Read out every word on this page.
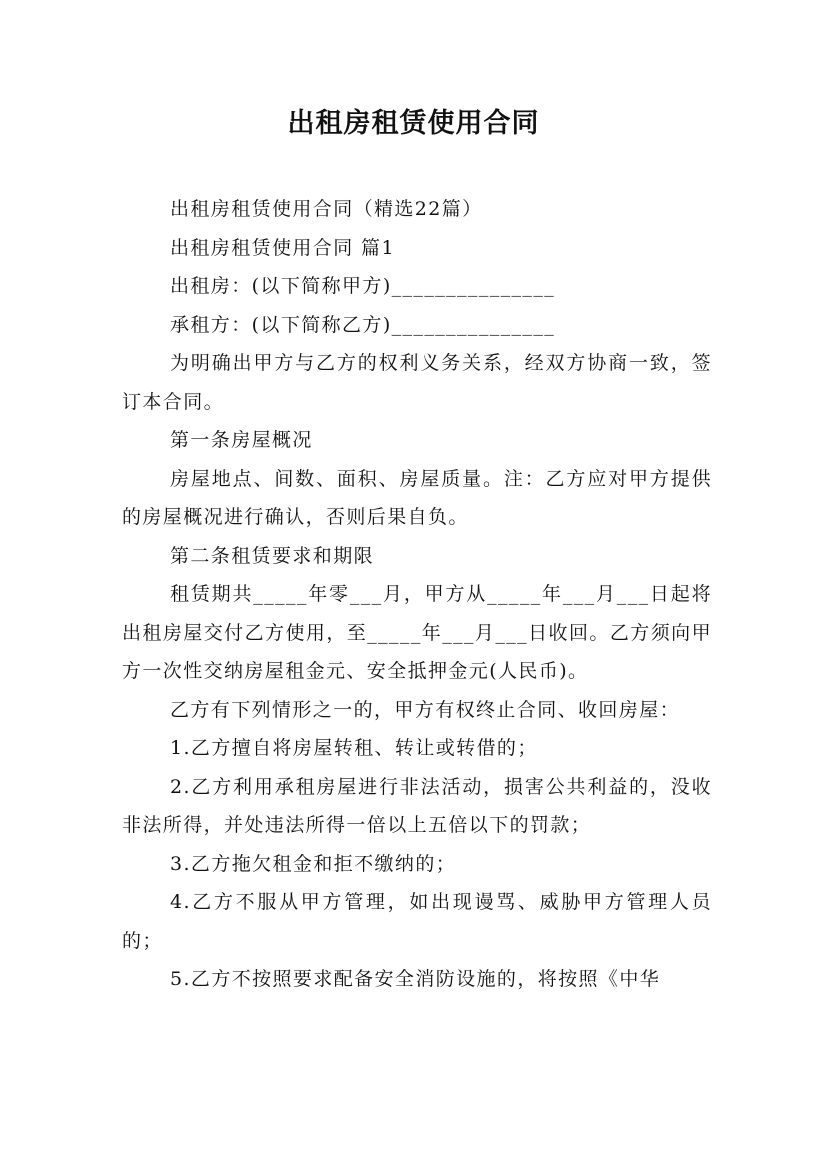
出租房租赁使用合同

出租房租赁使用合同（精选22篇）

出租房租赁使用合同 篇1

出租房：(以下简称甲方)_______________

承租方：(以下简称乙方)_______________

为明确出甲方与乙方的权利义务关系，经双方协商一致，签订本合同。

第一条房屋概况

房屋地点、间数、面积、房屋质量。注：乙方应对甲方提供的房屋概况进行确认，否则后果自负。

第二条租赁要求和期限

租赁期共_____年零___月，甲方从_____年___月___日起将出租房屋交付乙方使用，至_____年___月___日收回。乙方须向甲方一次性交纳房屋租金元、安全抵押金元(人民币)。

乙方有下列情形之一的，甲方有权终止合同、收回房屋：

1.乙方擅自将房屋转租、转让或转借的；

2.乙方利用承租房屋进行非法活动，损害公共利益的，没收非法所得，并处违法所得一倍以上五倍以下的罚款；

3.乙方拖欠租金和拒不缴纳的；

4.乙方不服从甲方管理，如出现谩骂、威胁甲方管理人员的；

5.乙方不按照要求配备安全消防设施的，将按照《中华
